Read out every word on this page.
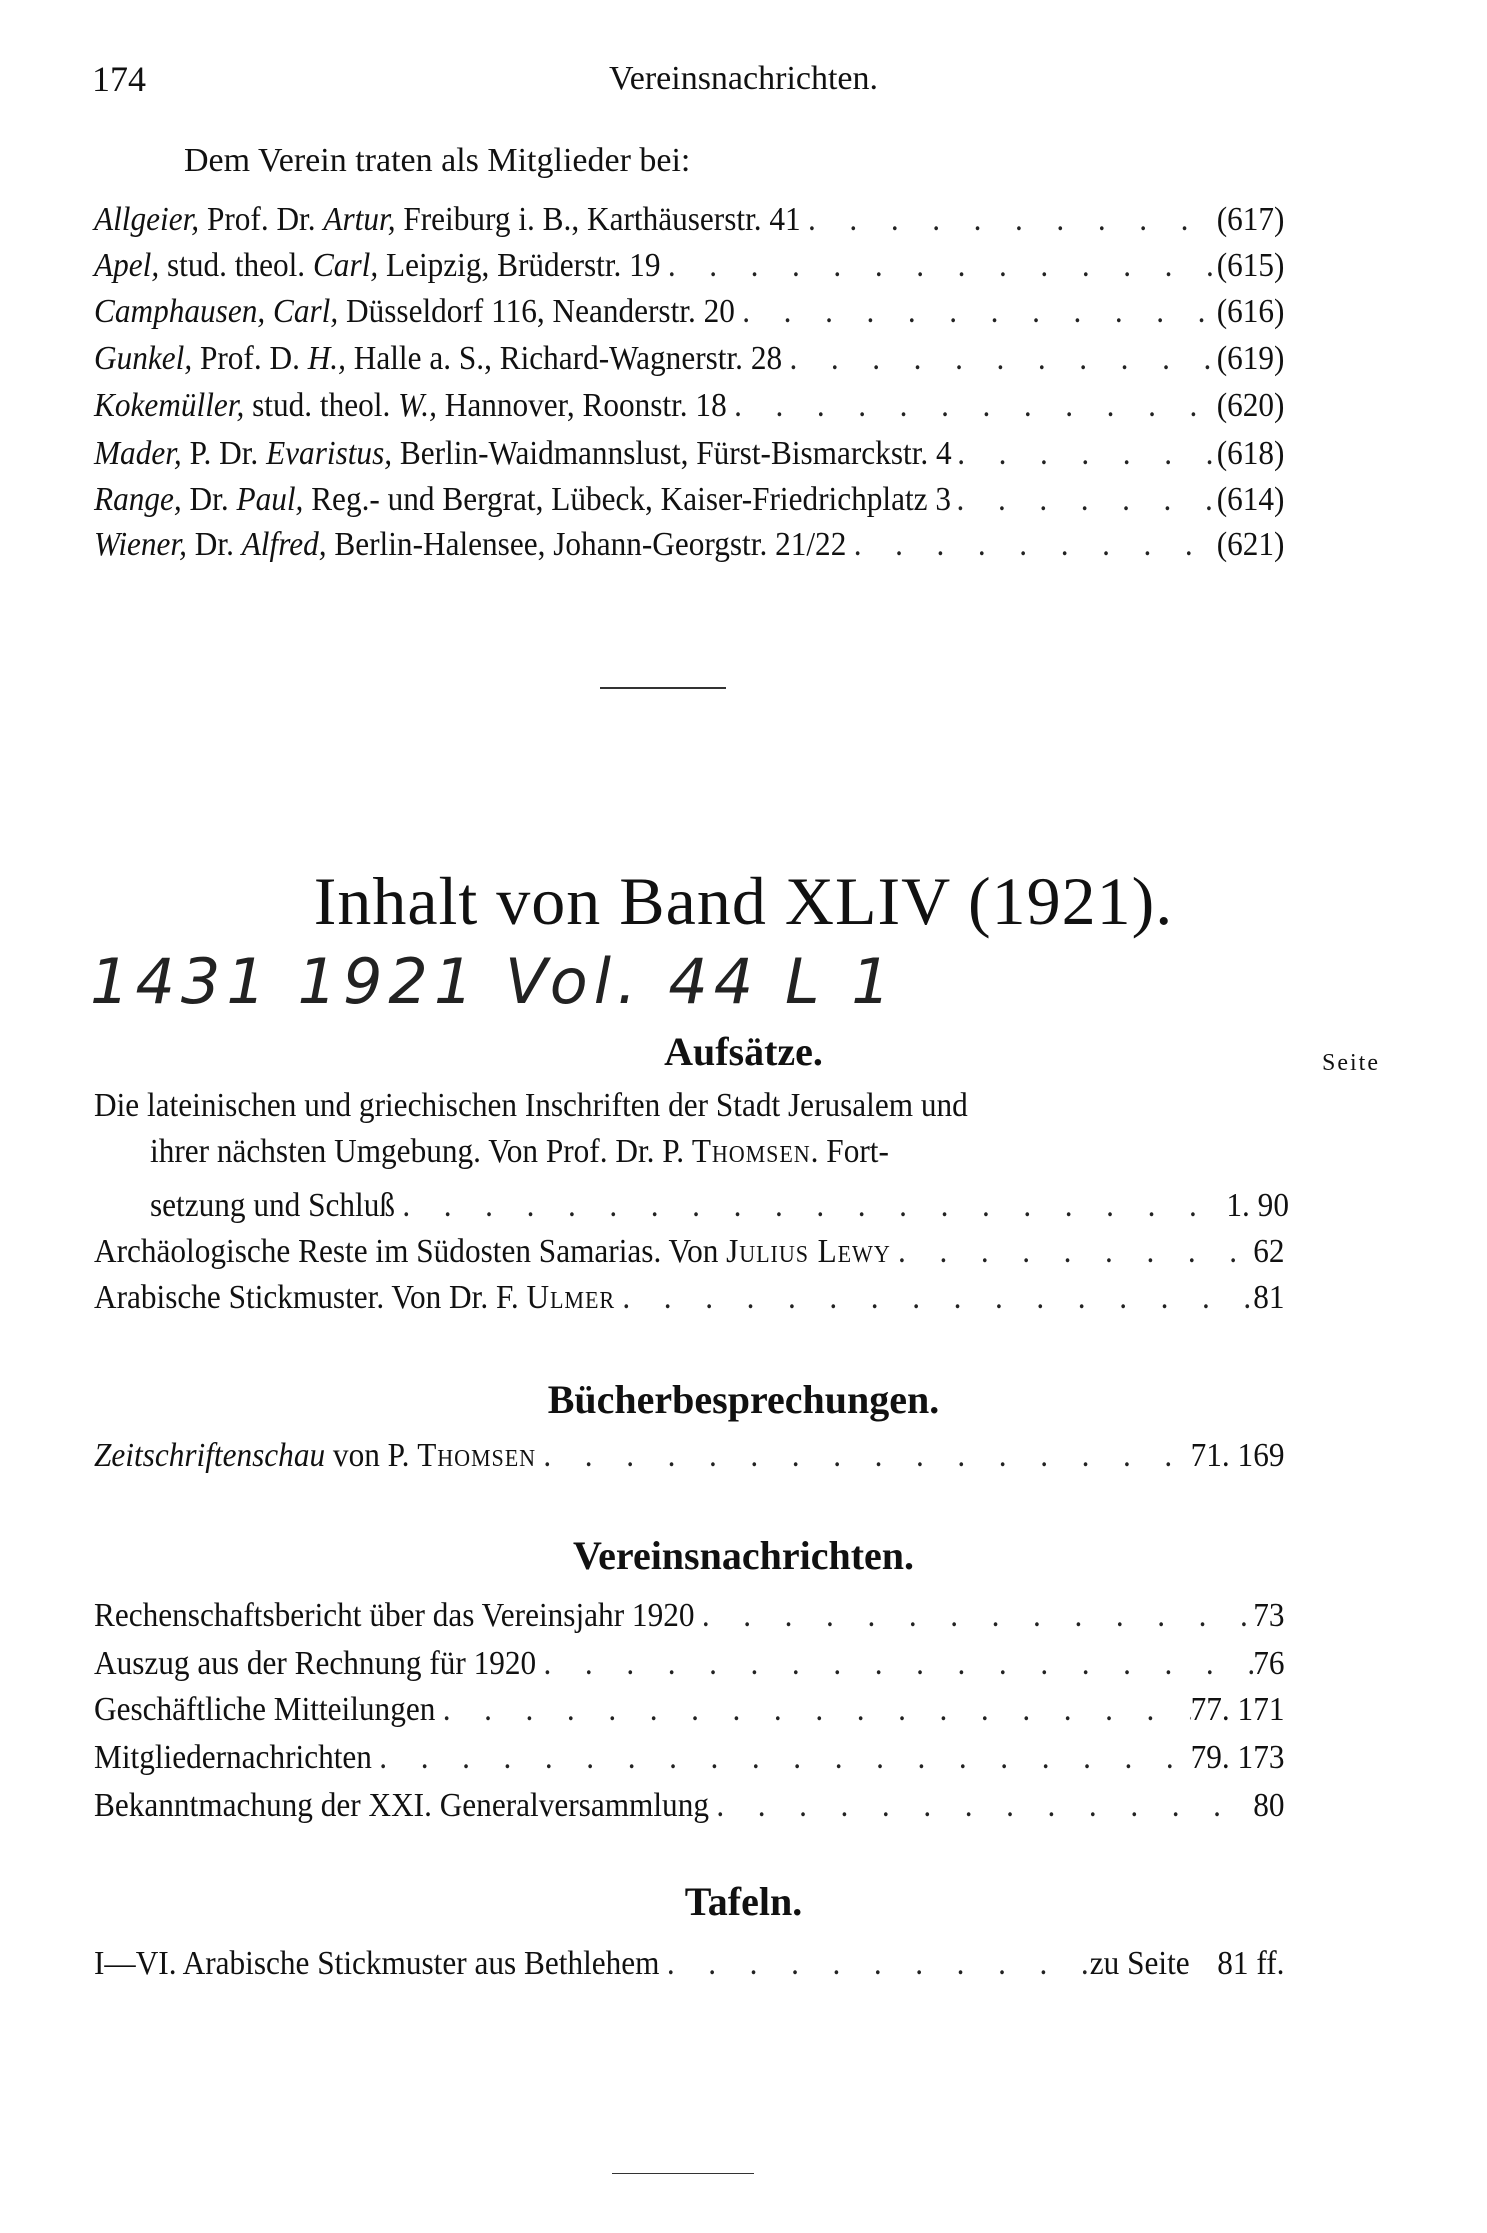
174	Vereinsnachrichten.
Dem Verein traten als Mitglieder bei:
Allgeier, Prof. Dr. Artur, Freiburg i. B., Karthäuserstr. 41 . . .	(617)
Apel, stud. theol. Carl, Leipzig, Brüderstr. 19 . . .	(615)
Camphausen, Carl, Düsseldorf 116, Neanderstr. 20 . . .	(616)
Gunkel, Prof. D. H., Halle a. S., Richard-Wagnerstr. 28 . . .	(619)
Kokemüller, stud. theol. W., Hannover, Roonstr. 18 . . .	(620)
Mader, P. Dr. Evaristus, Berlin-Waidmannslust, Fürst-Bismarckstr. 4 . . .	(618)
Range, Dr. Paul, Reg.- und Bergrat, Lübeck, Kaiser-Friedrichplatz 3 . . .	(614)
Wiener, Dr. Alfred, Berlin-Halensee, Johann-Georgstr. 21/22 . . .	(621)
Inhalt von Band XLIV (1921).
1431 1921 Vol. 44 L 1
Aufsätze.	Seite
Die lateinischen und griechischen Inschriften der Stadt Jerusalem und
ihrer nächsten Umgebung. Von Prof. Dr. P. Thomsen. Fort-
setzung und Schluß . . .	1. 90
Archäologische Reste im Südosten Samarias. Von Julius Lewy . . .	62
Arabische Stickmuster. Von Dr. F. Ulmer . . .	81
Bücherbesprechungen.
Zeitschriftenschau von P. Thomsen . . .	71. 169
Vereinsnachrichten.
Rechenschaftsbericht über das Vereinsjahr 1920 . . .	73
Auszug aus der Rechnung für 1920 . . .	76
Geschäftliche Mitteilungen . . .	77. 171
Mitgliedernachrichten . . .	79. 173
Bekanntmachung der XXI. Generalversammlung . . .	80
Tafeln.
I—VI. Arabische Stickmuster aus Bethlehem . . .	zu Seite 81 ff.
